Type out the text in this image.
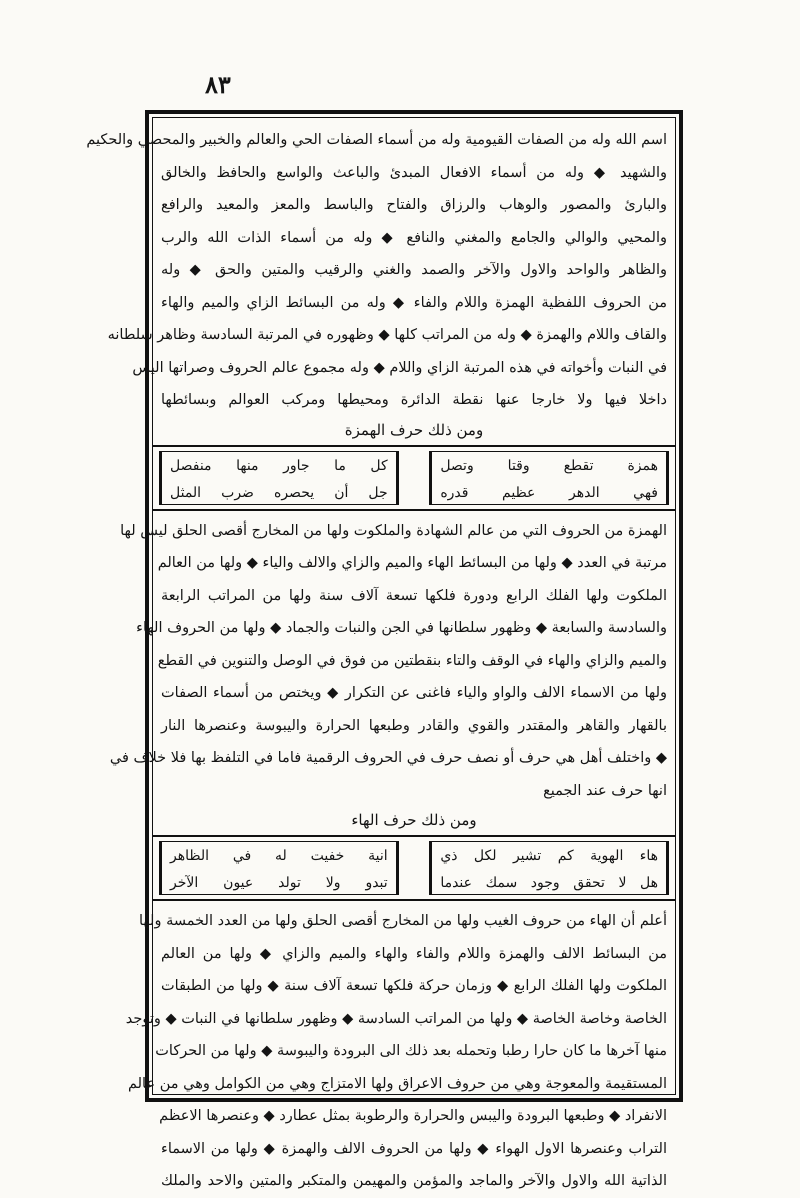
٨٣

اسم الله وله من الصفات القيومية وله من أسماء الصفات الحي والعالم والخبير والمحصي والحكيم

والشهيد ◆ وله من أسماء الافعال المبدئ والباعث والواسع والحافظ والخالق

والبارئ والمصور والوهاب والرزاق والفتاح والباسط والمعز والمعيد والرافع

والمحيي والوالي والجامع والمغني والنافع ◆ وله من أسماء الذات الله والرب

والظاهر والواحد والاول والآخر والصمد والغني والرقيب والمتين والحق ◆ وله

من الحروف اللفظية الهمزة واللام والفاء ◆ وله من البسائط الزاي والميم والهاء

والقاف واللام والهمزة ◆ وله من المراتب كلها ◆ وظهوره في المرتبة السادسة وظاهر سلطانه

في النبات وأخواته في هذه المرتبة الزاي واللام ◆ وله مجموع عالم الحروف وصراتها اليس

داخلا فيها ولا خارجا عنها نقطة الدائرة ومحيطها ومركب العوالم وبسائطها

ومن ذلك حرف الهمزة

همزة تقطع وقتا وتصل

فهي الدهر عظيم قدره

كل ما جاور منها منفصل

جل أن يحصره ضرب المثل

الهمزة من الحروف التي من عالم الشهادة والملكوت ولها من المخارج أقصى الحلق ليس لها

مرتبة في العدد ◆ ولها من البسائط الهاء والميم والزاي والالف والياء ◆ ولها من العالم

الملكوت ولها الفلك الرابع ودورة فلكها تسعة آلاف سنة ولها من المراتب الرابعة

والسادسة والسابعة ◆ وظهور سلطانها في الجن والنبات والجماد ◆ ولها من الحروف الهاء

والميم والزاي والهاء في الوقف والتاء بنقطتين من فوق في الوصل والتنوين في القطع

ولها من الاسماء الالف والواو والياء فاغنى عن التكرار ◆ ويختص من أسماء الصفات

بالقهار والقاهر والمقتدر والقوي والقادر وطبعها الحرارة واليبوسة وعنصرها النار

◆ واختلف أهل هي حرف أو نصف حرف في الحروف الرقمية فاما في التلفظ بها فلا خلاف في

انها حرف عند الجميع

ومن ذلك حرف الهاء

هاء الهوية كم تشير لكل ذي

هل لا تحقق وجود سمك عندما

انية خفيت له في الظاهر

تبدو ولا تولد عيون الآخر

أعلم أن الهاء من حروف الغيب ولها من المخارج أقصى الحلق ولها من العدد الخمسة ولها

من البسائط الالف والهمزة واللام والفاء والهاء والميم والزاي ◆ ولها من العالم

الملكوت ولها الفلك الرابع ◆ وزمان حركة فلكها تسعة آلاف سنة ◆ ولها من الطبقات

الخاصة وخاصة الخاصة ◆ ولها من المراتب السادسة ◆ وظهور سلطانها في النبات ◆ وتوجد

منها آخرها ما كان حارا رطبا وتحمله بعد ذلك الى البرودة واليبوسة ◆ ولها من الحركات

المستقيمة والمعوجة وهي من حروف الاعراق ولها الامتزاج وهي من الكوامل وهي من عالم

الانفراد ◆ وطبعها البرودة واليبس والحرارة والرطوبة بمثل عطارد ◆ وعنصرها الاعظم

التراب وعنصرها الاول الهواء ◆ ولها من الحروف الالف والهمزة ◆ ولها من الاسماء

الذاتية الله والاول والآخر والماجد والمؤمن والمهيمن والمتكبر والمتين والاحد والملك
